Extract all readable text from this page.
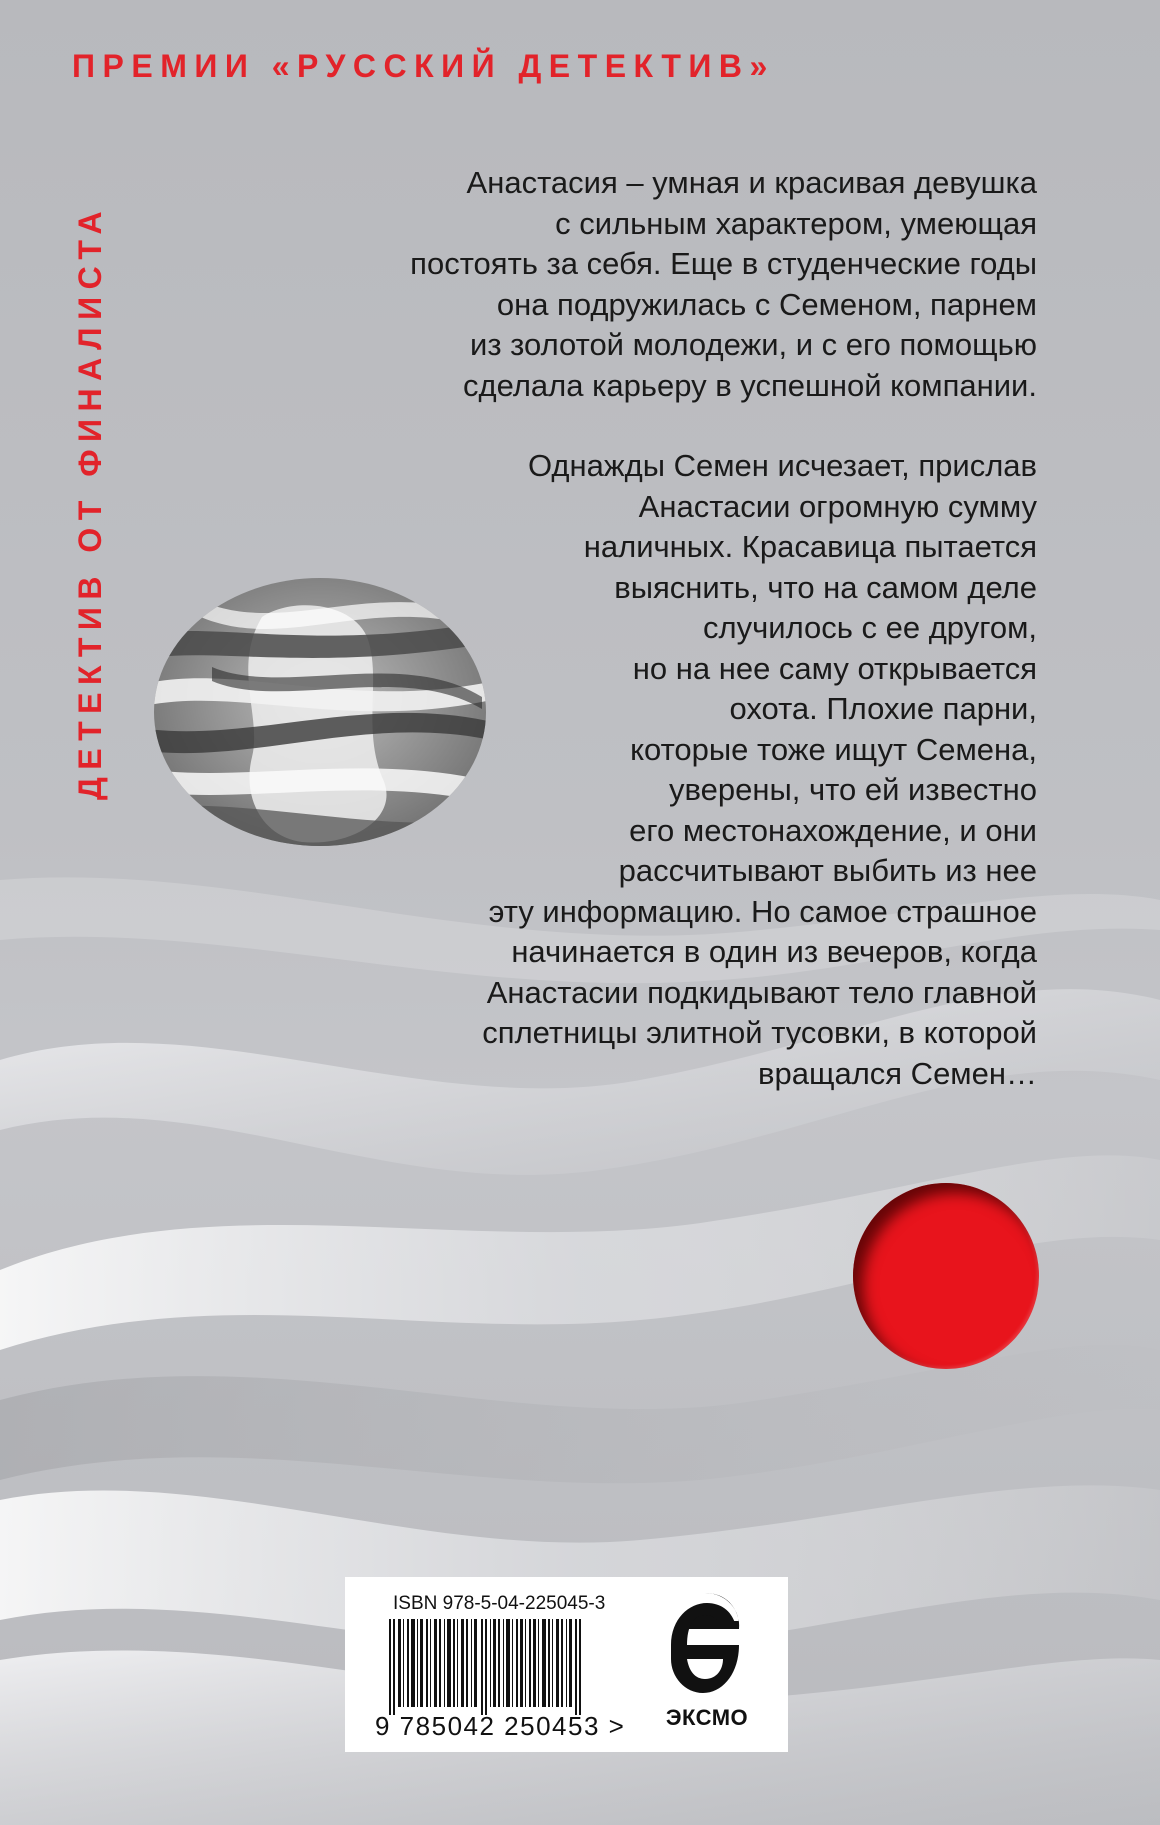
ПРЕМИИ «РУССКИЙ ДЕТЕКТИВ»
ДЕТЕКТИВ ОТ ФИНАЛИСТА

Анастасия – умная и красивая девушка
с сильным характером, умеющая
постоять за себя. Еще в студенческие годы
она подружилась с Семеном, парнем
из золотой молодежи, и с его помощью
сделала карьеру в успешной компании.

Однажды Семен исчезает, прислав
Анастасии огромную сумму
наличных. Красавица пытается
выяснить, что на самом деле
случилось с ее другом,
но на нее саму открывается
охота. Плохие парни,
которые тоже ищут Семена,
уверены, что ей известно
его местонахождение, и они
рассчитывают выбить из нее
эту информацию. Но самое страшное
начинается в один из вечеров, когда
Анастасии подкидывают тело главной
сплетницы элитной тусовки, в которой
вращался Семен…

ISBN 978-5-04-225045-3
9 785042 250453 > ЭКСМО
